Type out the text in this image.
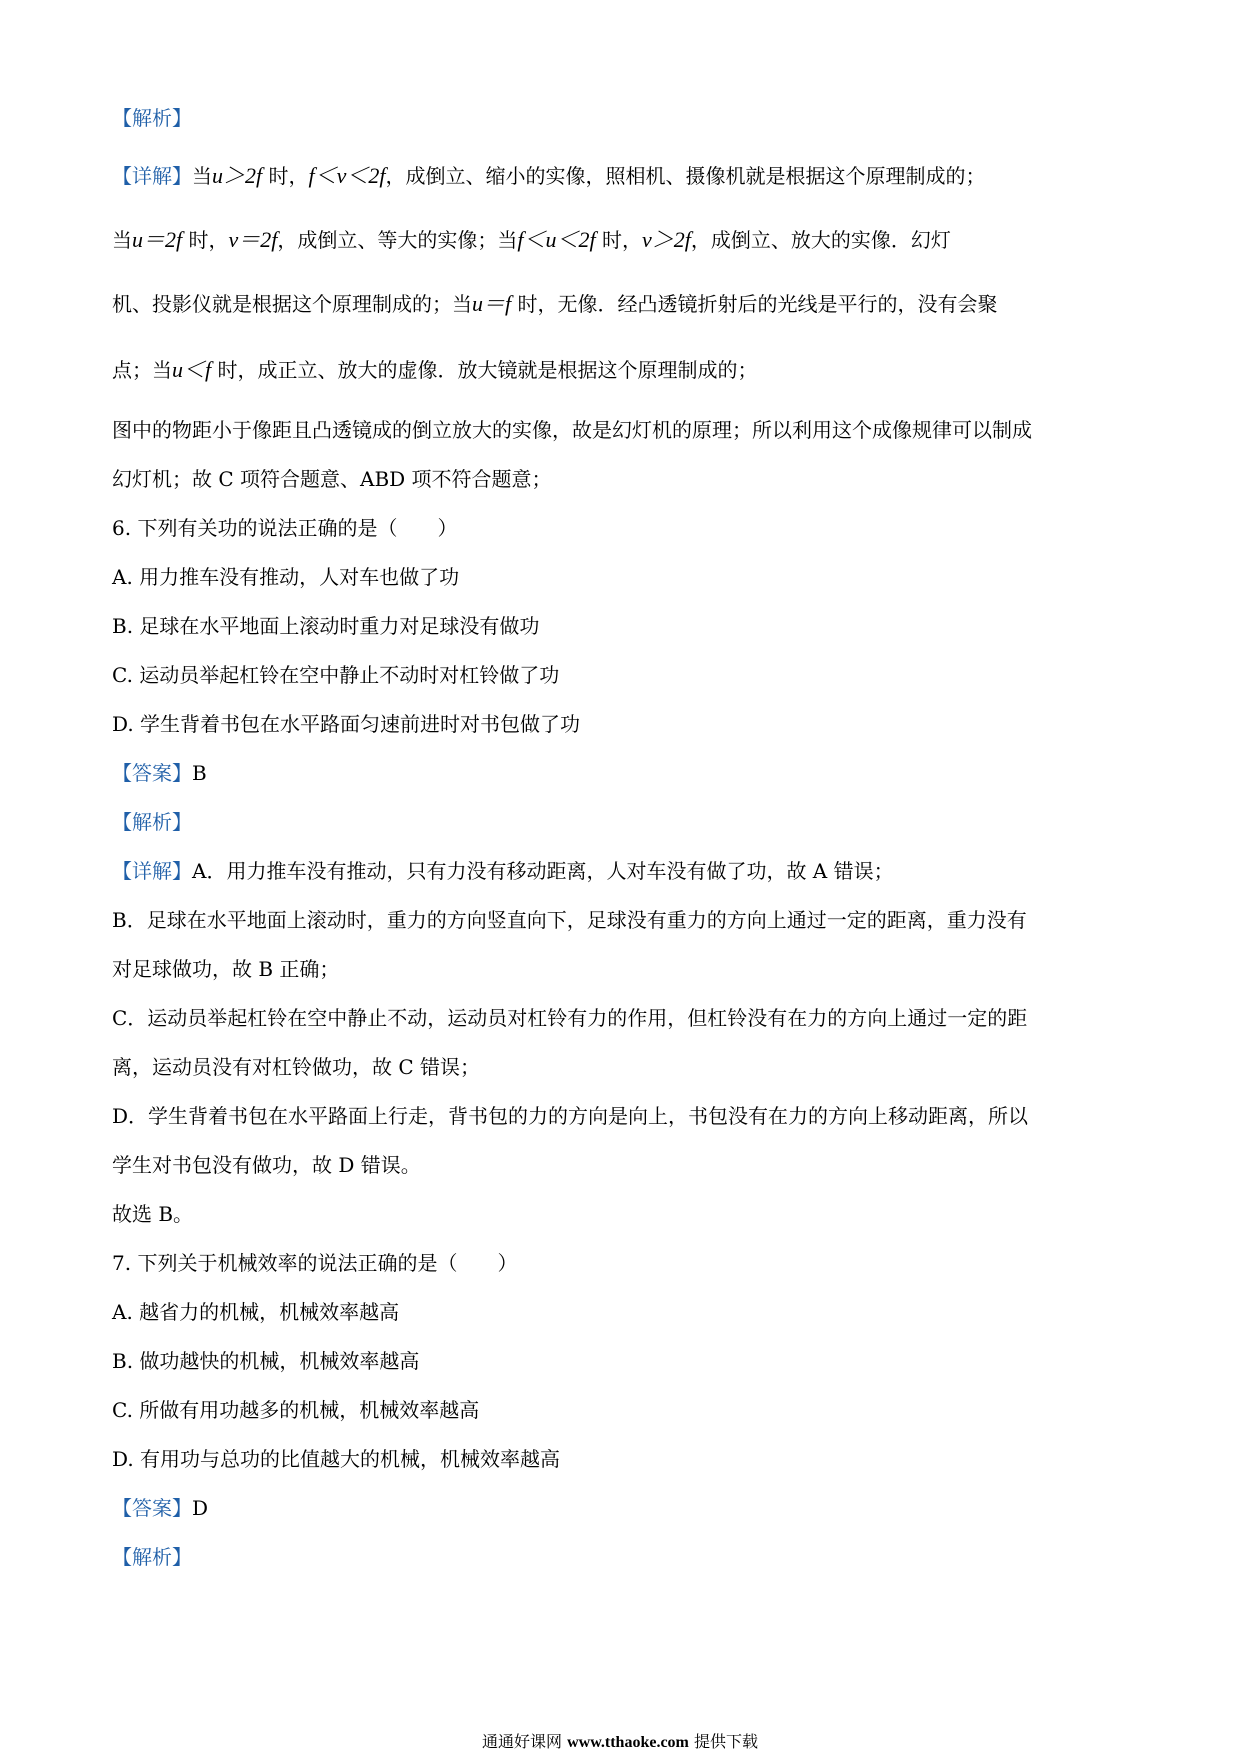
【解析】
【详解】当u＞2f 时，f＜v＜2f，成倒立、缩小的实像，照相机、摄像机就是根据这个原理制成的；
当u＝2f 时，v＝2f，成倒立、等大的实像；当f＜u＜2f 时，v＞2f，成倒立、放大的实像．幻灯
机、投影仪就是根据这个原理制成的；当u＝f 时，无像．经凸透镜折射后的光线是平行的，没有会聚
点；当u＜f 时，成正立、放大的虚像．放大镜就是根据这个原理制成的；
图中的物距小于像距且凸透镜成的倒立放大的实像，故是幻灯机的原理；所以利用这个成像规律可以制成
幻灯机；故 C 项符合题意、ABD 项不符合题意；
6. 下列有关功的说法正确的是（　　）
A. 用力推车没有推动，人对车也做了功
B. 足球在水平地面上滚动时重力对足球没有做功
C. 运动员举起杠铃在空中静止不动时对杠铃做了功
D. 学生背着书包在水平路面匀速前进时对书包做了功
【答案】B
【解析】
【详解】A．用力推车没有推动，只有力没有移动距离，人对车没有做了功，故 A 错误；
B．足球在水平地面上滚动时，重力的方向竖直向下，足球没有重力的方向上通过一定的距离，重力没有
对足球做功，故 B 正确；
C．运动员举起杠铃在空中静止不动，运动员对杠铃有力的作用，但杠铃没有在力的方向上通过一定的距
离，运动员没有对杠铃做功，故 C 错误；
D．学生背着书包在水平路面上行走，背书包的力的方向是向上，书包没有在力的方向上移动距离，所以
学生对书包没有做功，故 D 错误。
故选 B。
7. 下列关于机械效率的说法正确的是（　　）
A. 越省力的机械，机械效率越高
B. 做功越快的机械，机械效率越高
C. 所做有用功越多的机械，机械效率越高
D. 有用功与总功的比值越大的机械，机械效率越高
【答案】D
【解析】
通通好课网 www.tthaoke.com 提供下载
